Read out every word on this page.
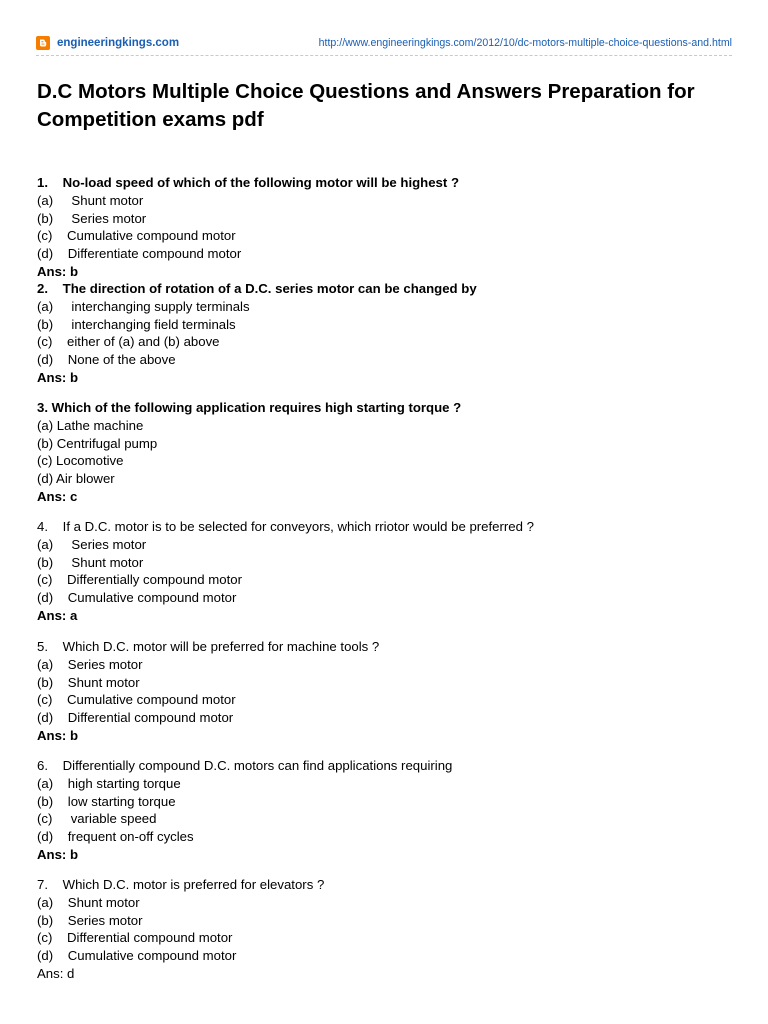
engineeringkings.com	http://www.engineeringkings.com/2012/10/dc-motors-multiple-choice-questions-and.html
D.C Motors Multiple Choice Questions and Answers Preparation for Competition exams pdf
1.    No-load speed of which of the following motor will be highest ?
(a)     Shunt motor
(b)     Series motor
(c)    Cumulative compound motor
(d)    Differentiate compound motor
Ans: b
2.    The direction of rotation of a D.C. series motor can be changed by
(a)     interchanging supply terminals
(b)     interchanging field terminals
(c)    either of (a) and (b) above
(d)    None of the above
Ans: b
3. Which of the following application requires high starting torque ?
(a) Lathe machine
(b) Centrifugal pump
(c) Locomotive
(d) Air blower
Ans: c
4.    If a D.C. motor is to be selected for conveyors, which rriotor would be preferred ?
(a)     Series motor
(b)     Shunt motor
(c)    Differentially compound motor
(d)    Cumulative compound motor
Ans: a
5.    Which D.C. motor will be preferred for machine tools ?
(a)    Series motor
(b)    Shunt motor
(c)    Cumulative compound motor
(d)    Differential compound motor
Ans: b
6.    Differentially compound D.C. motors can find applications requiring
(a)    high starting torque
(b)    low starting torque
(c)     variable speed
(d)    frequent on-off cycles
Ans: b
7.    Which D.C. motor is preferred for elevators ?
(a)    Shunt motor
(b)    Series motor
(c)    Differential compound motor
(d)    Cumulative compound motor
Ans: d
